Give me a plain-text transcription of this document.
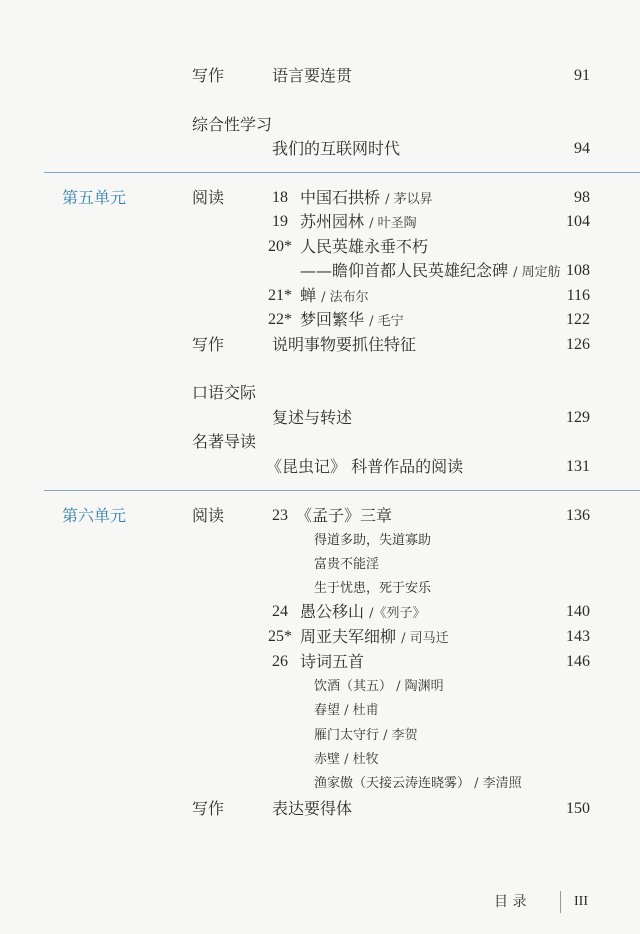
写作	语言要连贯	91
综合性学习
我们的互联网时代	94
第五单元	阅读	18 中国石拱桥 / 茅以昇	98
19 苏州园林 / 叶圣陶	104
20* 人民英雄永垂不朽
——瞻仰首都人民英雄纪念碑 / 周定舫 108
21* 蝉 / 法布尔	116
22* 梦回繁华 / 毛宁	122
写作	说明事物要抓住特征	126
口语交际
复述与转述	129
名著导读
《昆虫记》 科普作品的阅读	131
第六单元	阅读	23 《孟子》三章	136
得道多助，失道寡助
富贵不能淫
生于忧患，死于安乐
24 愚公移山 /《列子》	140
25* 周亚夫军细柳 / 司马迁	143
26 诗词五首	146
饮酒（其五） / 陶渊明
春望 / 杜甫
雁门太守行 / 李贺
赤壁 / 杜牧
渔家傲（天接云涛连晓雾） / 李清照
写作	表达要得体	150
目 录	III
